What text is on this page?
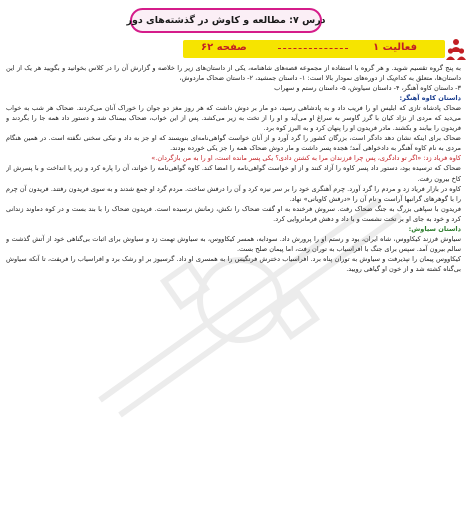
درس ۷: مطالعه و کاوش در گذشته‌های دور
فعالیت ۱
صفحه ۶۲

به پنج گروه تقسیم شوید. و هر گروه با استفاده از مجموعه قصه‌های شاهنامه، یکی از داستان‌های زیر را خلاصه و گزارش آن را در کلاس بخوانید و بگویید هر یک از این داستان‌ها، متعلق به کدام‌یک از دوره‌های نمودار بالا است: ۱- داستان جمشید، ۲- داستان ضحاک ماردوش،

۳- داستان کاوه آهنگر، ۴- داستان سیاوش، ۵- داستان رستم و سهراب

داستان کاوه آهنگر:

ضحاک پادشاه تازی که ابلیس او را فریب داد و به پادشاهی رسید، دو مار بر دوش داشت که هر روز مغز دو جوان را خوراک آنان می‌کردند. ضحاک هر شب به خواب می‌دید که مردی از نژاد کیان با گرز گاوسر به سراغ او می‌آید و او را از تخت به زیر می‌کشد. پس از این خواب، ضحاک بیمناک شد و دستور داد همه جا را بگردند و فریدون را بیابند و بکشند. مادر فریدون او را پنهان کرد و به البرز کوه برد.

ضحاک برای اینکه نشان دهد دادگر است، بزرگان کشور را گرد آورد و از آنان خواست گواهی‌نامه‌ای بنویسند که او جز به داد و نیکی سخنی نگفته است. در همین هنگام مردی به نام کاوه آهنگر به دادخواهی آمد؛ هجده پسر داشت و مار دوش ضحاک همه را جز یکی خورده بودند.

کاوه فریاد زد: «اگر تو دادگری، پس چرا فرزندان مرا به کشتن دادی؟ یکی پسر مانده است، او را به من بازگردان.»

ضحاک که ترسیده بود، دستور داد پسر کاوه را آزاد کنند و از او خواست گواهی‌نامه را امضا کند. کاوه گواهی‌نامه را خواند، آن را پاره کرد و زیر پا انداخت و با پسرش از کاخ بیرون رفت.

کاوه در بازار فریاد زد و مردم را گرد آورد. چرم آهنگری خود را بر سر نیزه کرد و آن را درفش ساخت. مردم گرد او جمع شدند و به سوی فریدون رفتند. فریدون آن چرم را با گوهرهای گرانبها آراست و نام آن را «درفش کاویانی» نهاد.

فریدون با سپاهی بزرگ به جنگ ضحاک رفت. سروش فرخنده به او گفت ضحاک را نکش، زمانش نرسیده است. فریدون ضحاک را با بند بست و در کوه دماوند زندانی کرد و خود به جای او بر تخت نشست و با داد و دهش فرمانروایی کرد.

داستان سیاوش:

سیاوش فرزند کیکاووس، شاه ایران، بود و رستم او را پرورش داد. سودابه، همسر کیکاووس، به سیاوش تهمت زد و سیاوش برای اثبات بی‌گناهی خود از آتش گذشت و سالم بیرون آمد. سپس برای جنگ با افراسیاب به توران رفت، اما پیمان صلح بست.

کیکاووس پیمان را نپذیرفت و سیاوش به توران پناه برد. افراسیاب دخترش فرنگیس را به همسری او داد. گرسیوز بر او رشک برد و افراسیاب را فریفت، تا آنکه سیاوش بی‌گناه کشته شد و از خون او گیاهی رویید.
